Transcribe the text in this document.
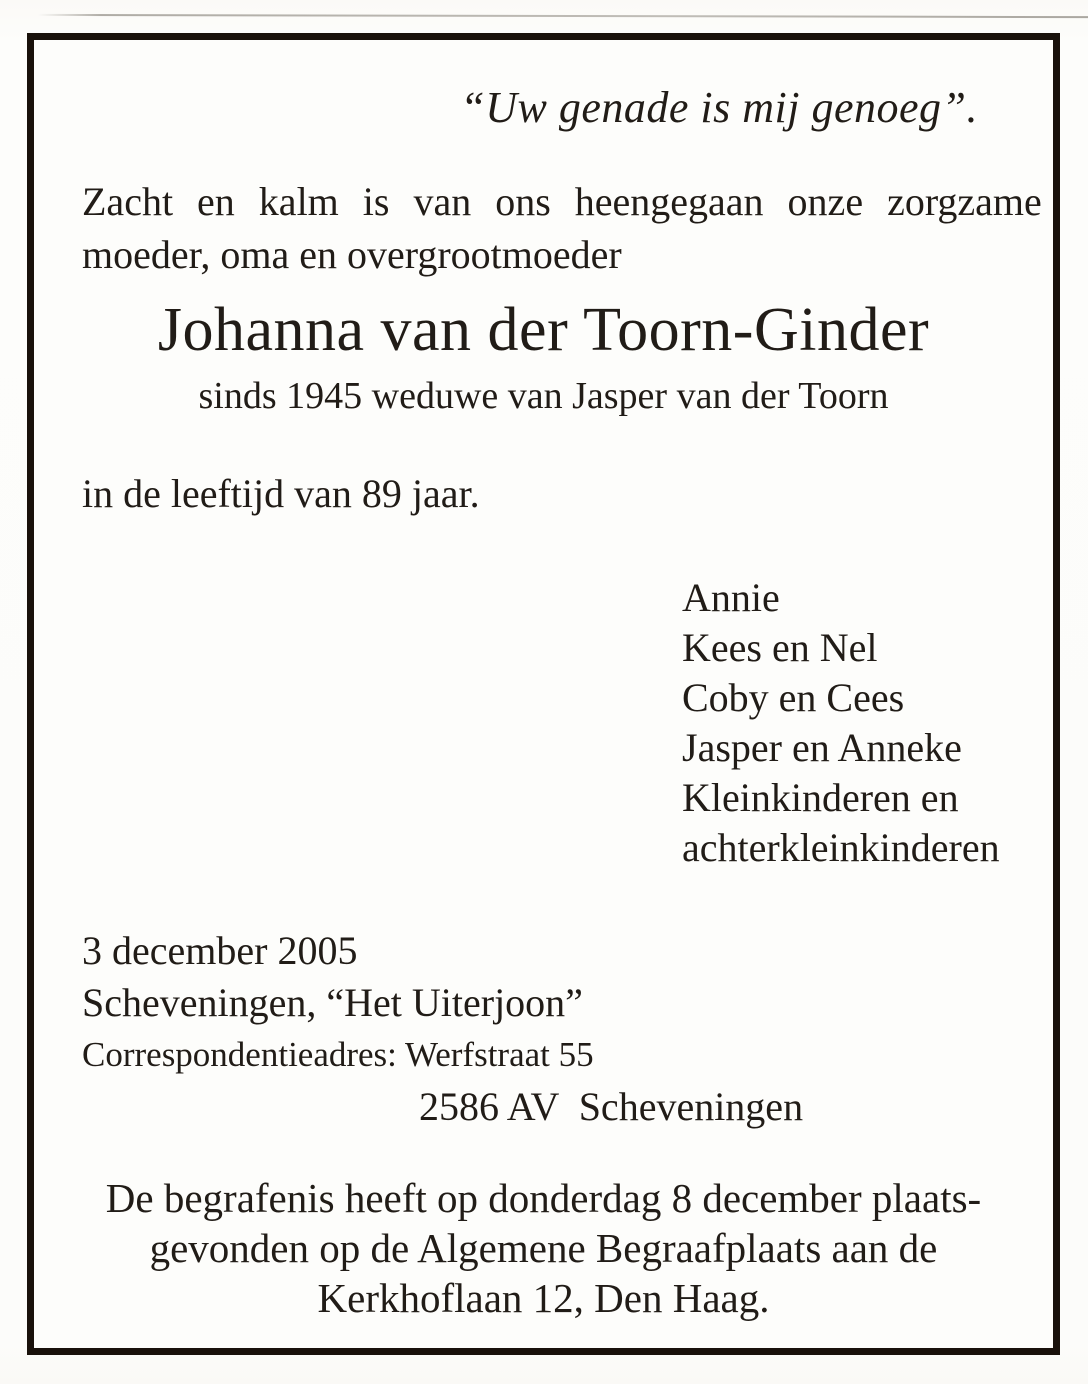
“Uw genade is mij genoeg”.
Zacht en kalm is van ons heengegaan onze zorgzame
moeder, oma en overgrootmoeder
Johanna van der Toorn-Ginder
sinds 1945 weduwe van Jasper van der Toorn
in de leeftijd van 89 jaar.
Annie
Kees en Nel
Coby en Cees
Jasper en Anneke
Kleinkinderen en
achterkleinkinderen
3 december 2005
Scheveningen, “Het Uiterjoon”
Correspondentieadres: Werfstraat 55
2586 AV  Scheveningen
De begrafenis heeft op donderdag 8 december plaats-
gevonden op de Algemene Begraafplaats aan de
Kerkhoflaan 12, Den Haag.
